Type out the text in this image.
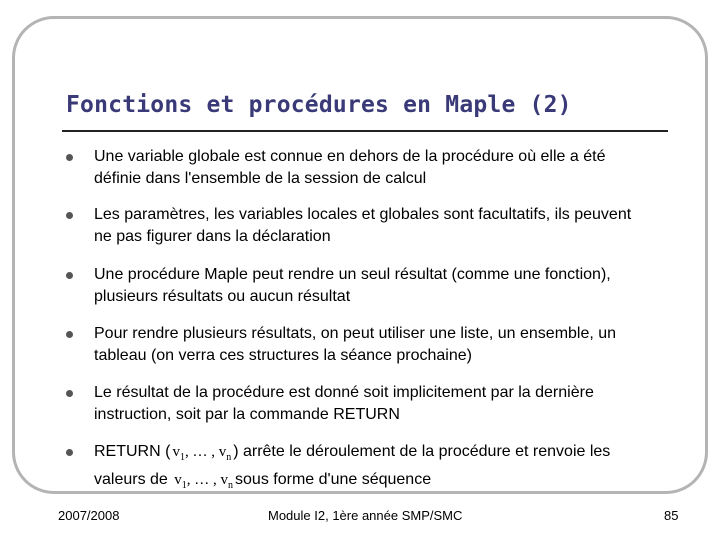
Fonctions et procédures en Maple (2)

Une variable globale est connue en dehors de la procédure où elle a été
définie dans l'ensemble de la session de calcul

Les paramètres, les variables locales et globales sont facultatifs, ils peuvent
ne pas figurer dans la déclaration

Une procédure Maple peut rendre un seul résultat (comme une fonction),
plusieurs résultats ou aucun résultat

Pour rendre plusieurs résultats, on peut utiliser une liste, un ensemble, un
tableau (on verra ces structures la séance prochaine)

Le résultat de la procédure est donné soit implicitement par la dernière
instruction, soit par la commande RETURN

RETURN ( $v_1$, … , $v_n$ ) arrête le déroulement de la procédure et renvoie les
valeurs de $v_1$, … , $v_n$ sous forme d'une séquence

2007/2008	Module I2, 1ère année SMP/SMC	85
